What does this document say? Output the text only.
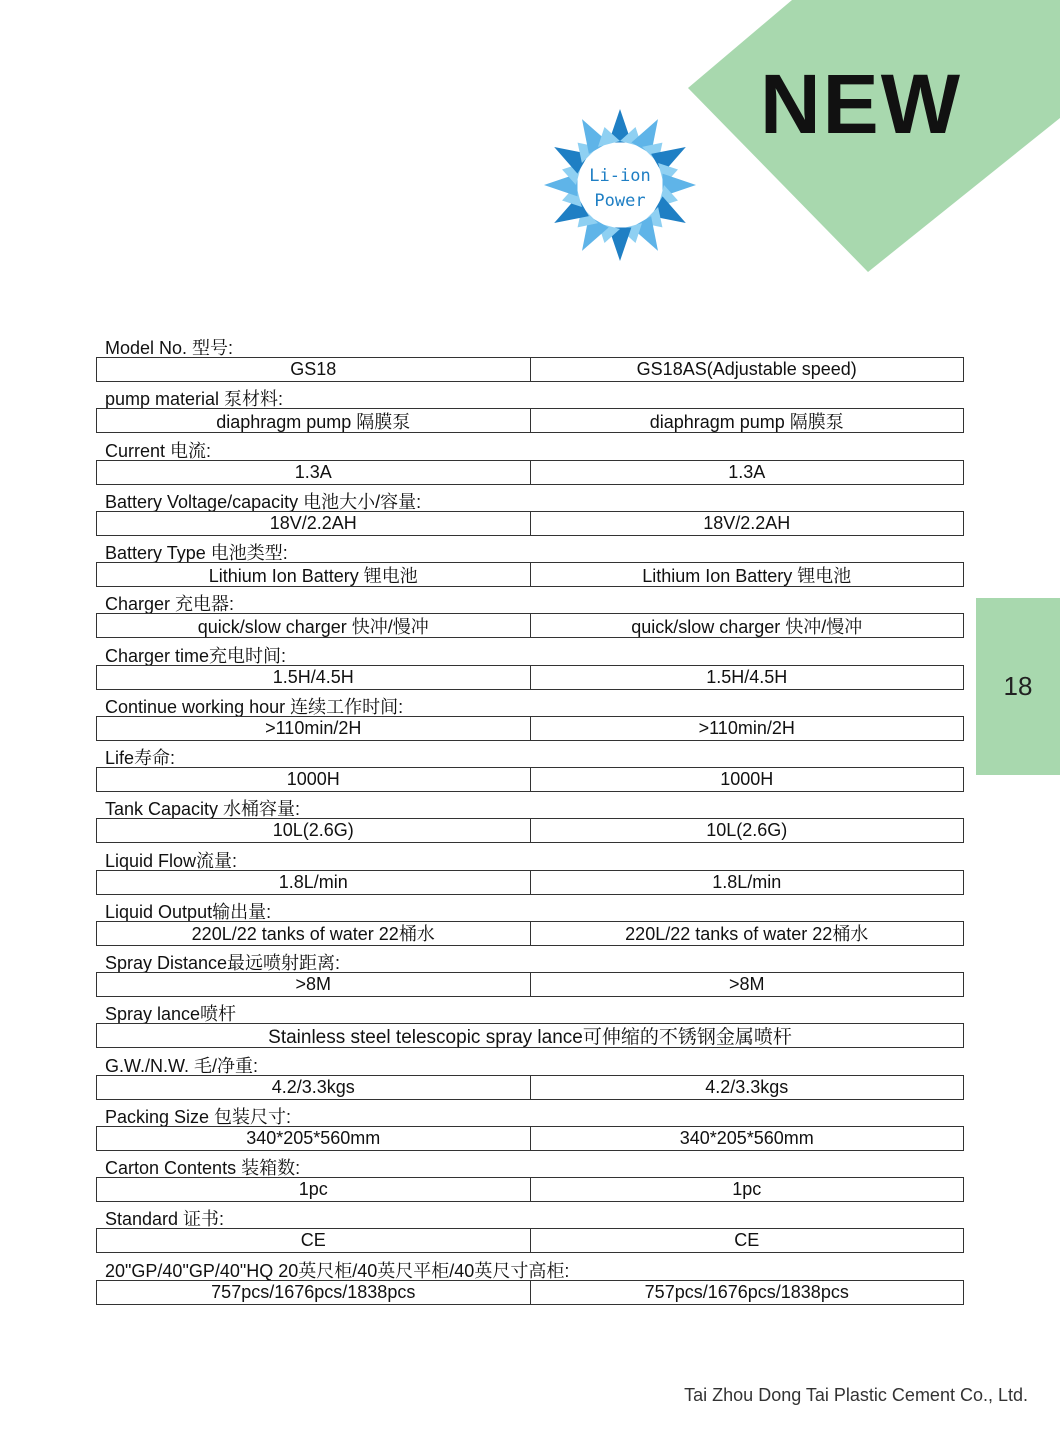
NEW
Li-ion
Power
18
Model No. 型号:
GS18	GS18AS(Adjustable speed)
pump material 泵材料:
diaphragm pump 隔膜泵	diaphragm pump 隔膜泵
Current 电流:
1.3A	1.3A
Battery Voltage/capacity 电池大小/容量:
18V/2.2AH	18V/2.2AH
Battery Type 电池类型:
Lithium Ion Battery 锂电池	Lithium Ion Battery 锂电池
Charger 充电器:
quick/slow charger 快冲/慢冲	quick/slow charger 快冲/慢冲
Charger time充电时间:
1.5H/4.5H	1.5H/4.5H
Continue working hour 连续工作时间:
>110min/2H	>110min/2H
Life寿命:
1000H	1000H
Tank Capacity 水桶容量:
10L(2.6G)	10L(2.6G)
Liquid Flow流量:
1.8L/min	1.8L/min
Liquid Output输出量:
220L/22 tanks of water 22桶水	220L/22 tanks of water 22桶水
Spray Distance最远喷射距离:
>8M	>8M
Spray lance喷杆
Stainless steel telescopic spray lance可伸缩的不锈钢金属喷杆
G.W./N.W. 毛/净重:
4.2/3.3kgs	4.2/3.3kgs
Packing Size 包装尺寸:
340*205*560mm	340*205*560mm
Carton Contents 装箱数:
1pc	1pc
Standard 证书:
CE	CE
20"GP/40"GP/40"HQ 20英尺柜/40英尺平柜/40英尺寸高柜:
757pcs/1676pcs/1838pcs	757pcs/1676pcs/1838pcs
Tai Zhou Dong Tai Plastic Cement Co., Ltd.
